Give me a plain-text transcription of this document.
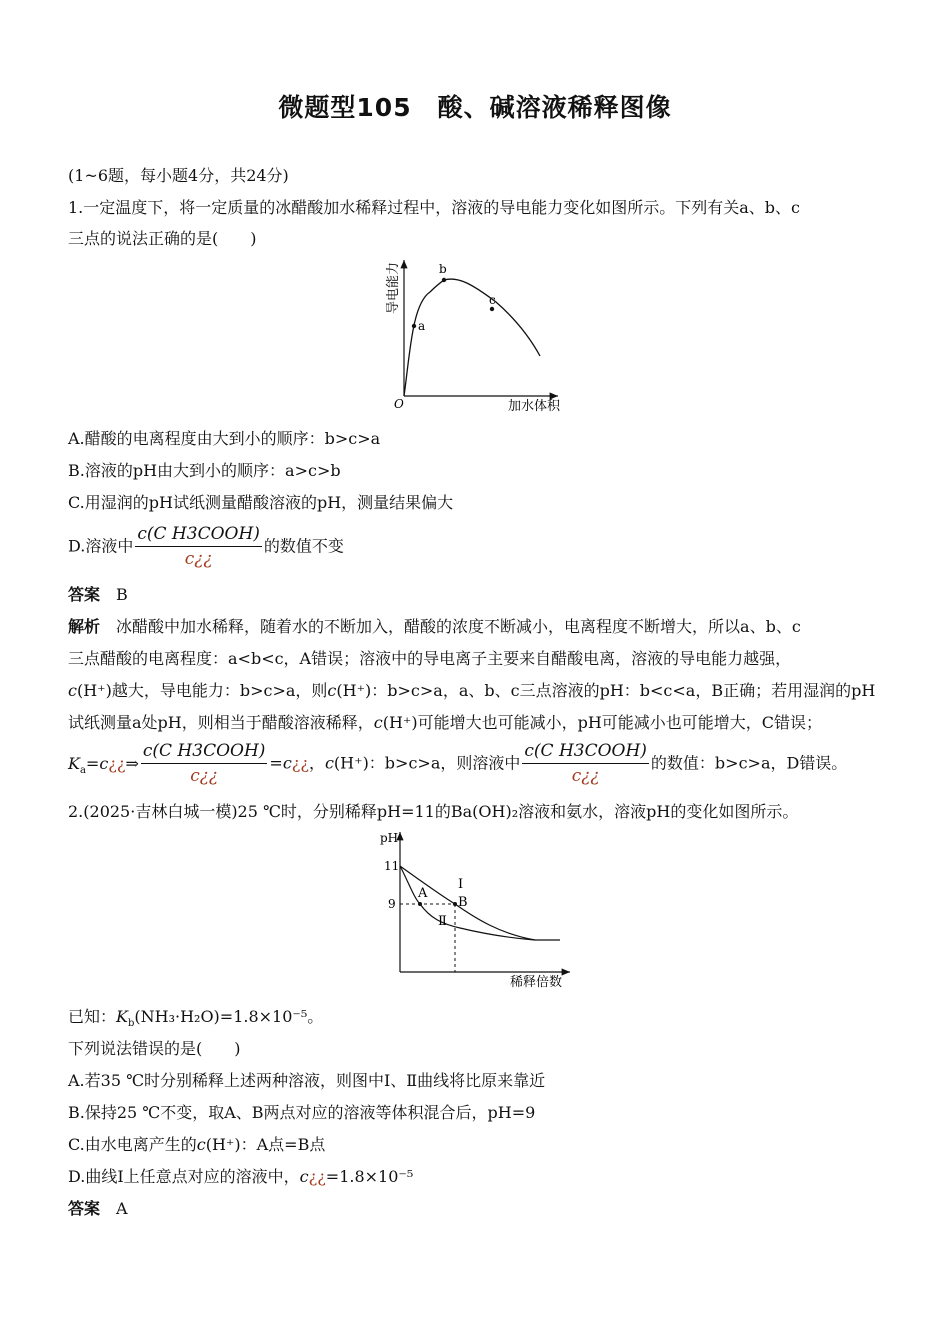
微题型105　酸、碱溶液稀释图像
(1~6题，每小题4分，共24分)
1.一定温度下，将一定质量的冰醋酸加水稀释过程中，溶液的导电能力变化如图所示。下列有关a、b、c
三点的说法正确的是(　　)
a
b
c
O	加水体积
导电能力
A.醋酸的电离程度由大到小的顺序：b>c>a
B.溶液的pH由大到小的顺序：a>c>b
C.用湿润的pH试纸测量醋酸溶液的pH，测量结果偏大
D.溶液中 $\frac{\text{c(C H3COOH)}}{c¿¿}$ 的数值不变
答案　 B
解析　 冰醋酸中加水稀释，随着水的不断加入，醋酸的浓度不断减小，电离程度不断增大，所以a、b、c
三点醋酸的电离程度：a<b<c，A错误；溶液中的导电离子主要来自醋酸电离，溶液的导电能力越强，
c(H⁺)越大，导电能力：b>c>a，则c(H⁺)：b>c>a，a、b、c三点溶液的pH：b<c<a，B正确；若用湿润的pH
试纸测量a处pH，则相当于醋酸溶液稀释，c(H⁺)可能增大也可能减小，pH可能减小也可能增大，C错误；
$K_a=c¿¿\Rightarrow \frac{\text{c(C H3COOH)}}{c¿¿}$ =c¿¿，c(H⁺)：b>c>a，则溶液中 $\frac{\text{c(C H3COOH)}}{c¿¿}$ 的数值：b>c>a，D错误。
2.(2025·吉林白城一模)25 ℃时，分别稀释pH=11的Ba(OH)₂溶液和氨水，溶液pH的变化如图所示。
11
9
pH
A
B
Ⅰ
Ⅱ
稀释倍数
已知：$K_b(NH_3\cdot H_2O)=1.8\times 10^{-5}$。
下列说法错误的是(　　)
A.若35 ℃时分别稀释上述两种溶液，则图中Ⅰ、Ⅱ曲线将比原来靠近
B.保持25 ℃不变，取A、B两点对应的溶液等体积混合后，pH=9
C.由水电离产生的c(H⁺)：A点=B点
D.曲线Ⅰ上任意点对应的溶液中，c¿¿=1.8×10⁻⁵
答案　 A
